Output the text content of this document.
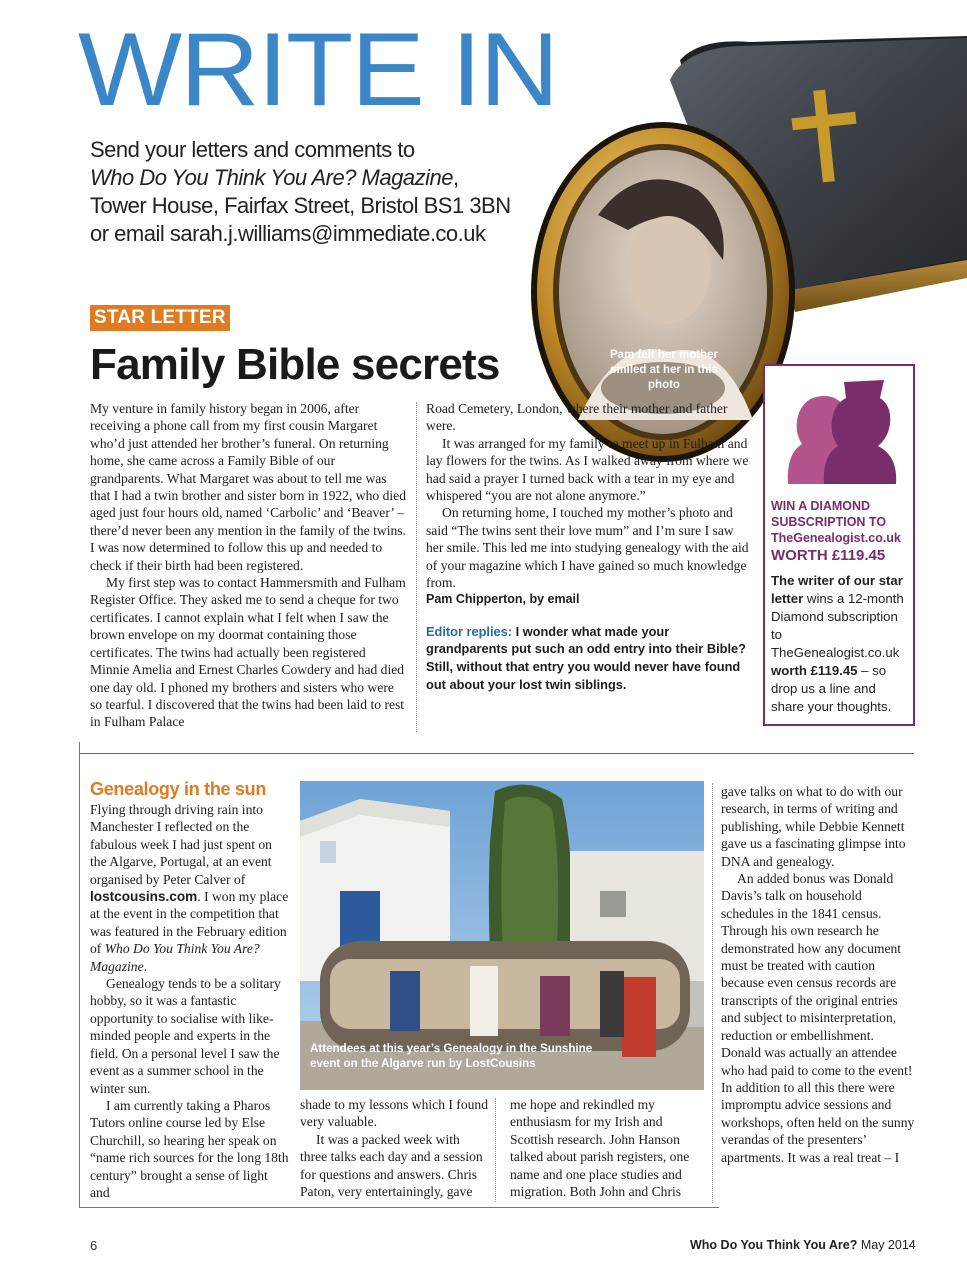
WRITE IN
Send your letters and comments to
Who Do You Think You Are? Magazine,
Tower House, Fairfax Street, Bristol BS1 3BN
or email sarah.j.williams@immediate.co.uk
Pam felt her mother smiled at her in this photo
STAR LETTER
Family Bible secrets

My venture in family history began in 2006, after receiving a phone call from my first cousin Margaret who’d just attended her brother’s funeral. On returning home, she came across a Family Bible of our grandparents. What Margaret was about to tell me was that I had a twin brother and sister born in 1922, who died aged just four hours old, named ‘Carbolic’ and ‘Beaver’ – there’d never been any mention in the family of the twins. I was now determined to follow this up and needed to check if their birth had been registered.

My first step was to contact Hammersmith and Fulham Register Office. They asked me to send a cheque for two certificates. I cannot explain what I felt when I saw the brown envelope on my doormat containing those certificates. The twins had actually been registered Minnie Amelia and Ernest Charles Cowdery and had died one day old. I phoned my brothers and sisters who were so tearful. I discovered that the twins had been laid to rest in Fulham Palace

Road Cemetery, London, where their mother and father were.

It was arranged for my family to meet up in Fulham and lay flowers for the twins. As I walked away from where we had said a prayer I turned back with a tear in my eye and whispered “you are not alone anymore.”

On returning home, I touched my mother’s photo and said “The twins sent their love mum” and I’m sure I saw her smile. This led me into studying genealogy with the aid of your magazine which I have gained so much knowledge from.

Pam Chipperton, by email

Editor replies: I wonder what made your grandparents put such an odd entry into their Bible? Still, without that entry you would never have found out about your lost twin siblings.

WIN A DIAMOND
SUBSCRIPTION TO
TheGenealogist.co.uk
WORTH £119.45
The writer of our star letter wins a 12-month Diamond subscription to TheGenealogist.co.uk worth £119.45 – so drop us a line and share your thoughts.
Genealogy in the sun

Flying through driving rain into Manchester I reflected on the fabulous week I had just spent on the Algarve, Portugal, at an event organised by Peter Calver of lostcousins.com. I won my place at the event in the competition that was featured in the February edition of Who Do You Think You Are? Magazine.

Genealogy tends to be a solitary hobby, so it was a fantastic opportunity to socialise with like-minded people and experts in the field. On a personal level I saw the event as a summer school in the winter sun.

I am currently taking a Pharos Tutors online course led by Else Churchill, so hearing her speak on “name rich sources for the long 18th century” brought a sense of light and

Attendees at this year’s Genealogy in the Sunshine event on the Algarve run by LostCousins

shade to my lessons which I found very valuable.

It was a packed week with three talks each day and a session for questions and answers. Chris Paton, very entertainingly, gave

me hope and rekindled my enthusiasm for my Irish and Scottish research. John Hanson talked about parish registers, one name and one place studies and migration. Both John and Chris

gave talks on what to do with our research, in terms of writing and publishing, while Debbie Kennett gave us a fascinating glimpse into DNA and genealogy.

An added bonus was Donald Davis’s talk on household schedules in the 1841 census. Through his own research he demonstrated how any document must be treated with caution because even census records are transcripts of the original entries and subject to misinterpretation, reduction or embellishment. Donald was actually an attendee who had paid to come to the event! In addition to all this there were impromptu advice sessions and workshops, often held on the sunny verandas of the presenters’ apartments. It was a real treat – I

6	Who Do You Think You Are? May 2014
